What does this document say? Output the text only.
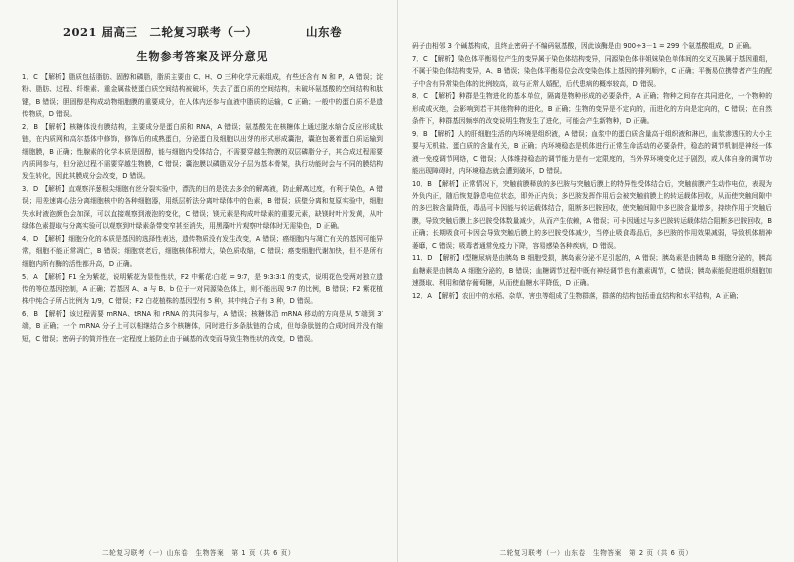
2021 届高三　二轮复习联考（一）	山东卷
生物参考答案及评分意见

1．C　【解析】脂质包括脂肪、固醇和磷脂，脂质主要由 C、H、O 三种化学元素组成，有些还含有 N 和 P，A 错误；淀粉、脂肪、过程、纤维素、重金属盐使蛋白质空间结构被破坏，失去了蛋白质的空间结构，未破坏氨基酸的空间结构和肽键，B 错误；胆固醇是构成动物细胞膜的重要成分，在人体内还参与血液中脂质的运输，C 正确；一般中的蛋白质不是遗传物质，D 错误。

2．B　【解析】核糖体没有膜结构，主要成分是蛋白质和 RNA，A 错误；氨基酸先在核糖体上通过脱水缩合反应形成肽链，在内质网和高尔基体中修饰，修饰后的成熟蛋白，分泌蛋白及细胞以出芽的形式形成囊泡，囊泡包裹着蛋白质运输到细胞膜，B 正确；性腺素的化学本质是固醇，能与细胞内受体结合，不需要穿越生物膜的双层磷脂分子，其合成过程需要内质网参与，但分泌过程不需要穿越生物膜，C 错误；囊泡膜以磷脂双分子层为基本骨架，执行功能时会与不同的膜结构发生转化，因此其膜成分会改变，D 错误。

3．D　【解析】直观察洋葱根尖细胞有丝分裂实验中，漂洗的目的是洗去多余的解离液，防止解离过度，有利于染色，A 错误；用差速离心法分离细胞核中的各种细胞器，用纸层析法分离叶绿体中的色素，B 错误；质壁分离和复原实验中，细胞失水时液泡颜色会加深，可以直接观察到液泡的变化，C 错误；镁元素是构成叶绿素的重要元素，缺镁时叶片发黄，从叶绿体色素提取与分离实验可以观察到叶绿素条带变窄甚至消失，用黑藻叶片观察叶绿体时无需染色，D 正确。

4．D　【解析】细胞分化的本质是基因的选择性表达，遗传物质没有发生改变，A 错误；癌细胞内与凋亡有关的基因可能异常，细胞不能正常凋亡，B 错误；细胞衰老后，细胞核体积增大，染色质收缩，C 错误；癌变细胞代谢加快，但不是所有细胞内所有酶的活性都升高，D 正确。

5．A　【解析】F1 全为紫花，说明紫花为显性性状，F2 中紫花∶白花 = 9∶7，是 9∶3∶3∶1 的变式，说明花色受两对独立遗传的等位基因控制，A 正确；若基因 A、a 与 B、b 位于一对同源染色体上，则不能出现 9∶7 的比例，B 错误；F2 紫花植株中纯合子所占比例为 1/9，C 错误；F2 白花植株的基因型有 5 种，其中纯合子有 3 种，D 错误。

6．B　【解析】该过程需要 mRNA、tRNA 和 rRNA 的共同参与，A 错误；核糖体沿 mRNA 移动的方向是从 5′端到 3′端，B 正确；一个 mRNA 分子上可以相继结合多个核糖体，同时进行多条肽链的合成，但每条肽链的合成时间并没有缩短，C 错误；密码子的简并性在一定程度上能防止由于碱基的改变而导致生物性状的改变，D 错误。

二轮复习联考（一）山东卷　生物答案　第 1 页（共 6 页）

码子由相邻 3 个碱基构成，且终止密码子不编码氨基酸，因此该酶是由 900÷3－1 = 299 个氨基酸组成，D 正确。

7．C　【解析】染色体平衡易位产生的变异属于染色体结构变异，同源染色体非姐妹染色单体间的交叉互换属于基因重组，不属于染色体结构变异，A、B 错误；染色体平衡易位会改变染色体上基因的排列顺序，C 正确；平衡易位携带者产生的配子中含有异常染色体的比例较高，故与正常人婚配，后代患病的概率较高，D 错误。

8．C　【解析】种群是生物进化的基本单位，隔离是物种形成的必要条件，A 正确；物种之间存在共同进化，一个物种的形成或灭绝，会影响到若干其他物种的进化，B 正确；生物的变异是不定向的，而进化的方向是定向的，C 错误；在自然条件下，种群基因频率的改变说明生物发生了进化，可能会产生新物种，D 正确。

9．B　【解析】人的肝细胞生活的内环境是组织液，A 错误；血浆中的蛋白质含量高于组织液和淋巴，血浆渗透压的大小主要与无机盐、蛋白质的含量有关，B 正确；内环境稳态是机体进行正常生命活动的必要条件，稳态的调节机制是神经一体液一免疫调节网络，C 错误；人体维持稳态的调节能力是有一定限度的，当外界环境变化过于剧烈，或人体自身的调节功能出现障碍时，内环境稳态就会遭到破坏，D 错误。

10．B　【解析】正常情况下，突触前膜释放的多巴胺与突触后膜上的特异性受体结合后，突触前膜产生动作电位，表现为外负内正，随后恢复静息电位状态，即外正内负；多巴胺发挥作用后会被突触前膜上的转运载体回收，从而使突触间隙中的多巴胺含量降低，毒品可卡因能与转运载体结合，阻断多巴胺回收，使突触间隙中多巴胺含量增多，持续作用于突触后膜，导致突触后膜上多巴胺受体数量减少，从而产生依赖，A 错误；可卡因通过与多巴胺转运载体结合阻断多巴胺回收，B 正确；长期吸食可卡因会导致突触后膜上的多巴胺受体减少，当停止吸食毒品后，多巴胺的作用效果减弱，导致机体精神萎靡，C 错误；吸毒者通常免疫力下降，容易感染各种疾病，D 错误。

11．D　【解析】Ⅰ型糖尿病是由胰岛 B 细胞受损，胰岛素分泌不足引起的，A 错误；胰岛素是由胰岛 B 细胞分泌的，胰高血糖素是由胰岛 A 细胞分泌的，B 错误；血糖调节过程中既有神经调节也有激素调节，C 错误；胰岛素能促进组织细胞加速摄取、利用和储存葡萄糖，从而使血糖水平降低，D 正确。

12．A　【解析】农田中的水稻、杂草、害虫等组成了生物群落，群落的结构包括垂直结构和水平结构，A 正确；

二轮复习联考（一）山东卷　生物答案　第 2 页（共 6 页）
